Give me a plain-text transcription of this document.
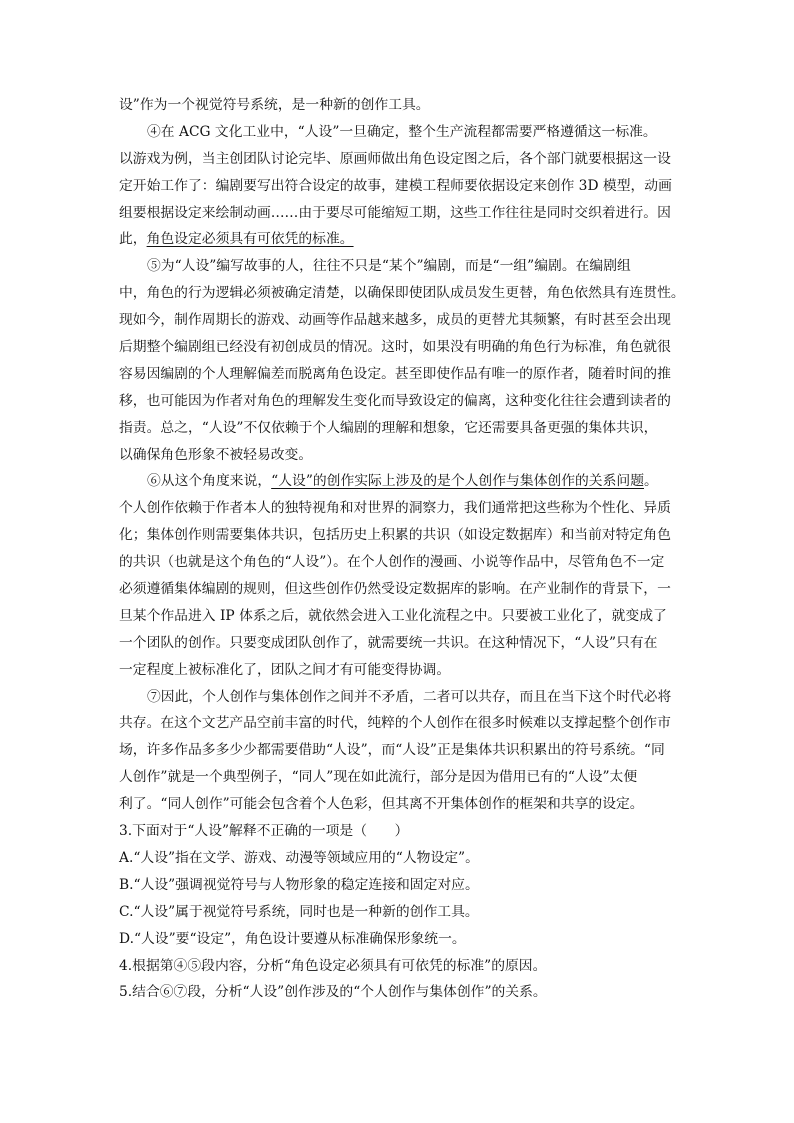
设”作为一个视觉符号系统，是一种新的创作工具。
④在 ACG 文化工业中，“人设”一旦确定，整个生产流程都需要严格遵循这一标准。
以游戏为例，当主创团队讨论完毕、原画师做出角色设定图之后，各个部门就要根据这一设
定开始工作了：编剧要写出符合设定的故事，建模工程师要依据设定来创作 3D 模型，动画
组要根据设定来绘制动画……由于要尽可能缩短工期，这些工作往往是同时交织着进行。因
此，角色设定必须具有可依凭的标准。
⑤为“人设”编写故事的人，往往不只是“某个”编剧，而是“一组”编剧。在编剧组
中，角色的行为逻辑必须被确定清楚，以确保即使团队成员发生更替，角色依然具有连贯性。
现如今，制作周期长的游戏、动画等作品越来越多，成员的更替尤其频繁，有时甚至会出现
后期整个编剧组已经没有初创成员的情况。这时，如果没有明确的角色行为标准，角色就很
容易因编剧的个人理解偏差而脱离角色设定。甚至即使作品有唯一的原作者，随着时间的推
移，也可能因为作者对角色的理解发生变化而导致设定的偏离，这种变化往往会遭到读者的
指责。总之，“人设”不仅依赖于个人编剧的理解和想象，它还需要具备更强的集体共识，
以确保角色形象不被轻易改变。
⑥从这个角度来说，“人设”的创作实际上涉及的是个人创作与集体创作的关系问题。
个人创作依赖于作者本人的独特视角和对世界的洞察力，我们通常把这些称为个性化、异质
化；集体创作则需要集体共识，包括历史上积累的共识（如设定数据库）和当前对特定角色
的共识（也就是这个角色的“人设”）。在个人创作的漫画、小说等作品中，尽管角色不一定
必须遵循集体编剧的规则，但这些创作仍然受设定数据库的影响。在产业制作的背景下，一
旦某个作品进入 IP 体系之后，就依然会进入工业化流程之中。只要被工业化了，就变成了
一个团队的创作。只要变成团队创作了，就需要统一共识。在这种情况下，“人设”只有在
一定程度上被标准化了，团队之间才有可能变得协调。
⑦因此，个人创作与集体创作之间并不矛盾，二者可以共存，而且在当下这个时代必将
共存。在这个文艺产品空前丰富的时代，纯粹的个人创作在很多时候难以支撑起整个创作市
场，许多作品多多少少都需要借助“人设”，而“人设”正是集体共识积累出的符号系统。“同
人创作”就是一个典型例子，“同人”现在如此流行，部分是因为借用已有的“人设”太便
利了。“同人创作”可能会包含着个人色彩，但其离不开集体创作的框架和共享的设定。
3.下面对于“人设”解释不正确的一项是（　　）
A.“人设”指在文学、游戏、动漫等领域应用的“人物设定”。
B.“人设”强调视觉符号与人物形象的稳定连接和固定对应。
C.“人设”属于视觉符号系统，同时也是一种新的创作工具。
D.“人设”要“设定”，角色设计要遵从标准确保形象统一。
4.根据第④⑤段内容，分析“角色设定必须具有可依凭的标准”的原因。
5.结合⑥⑦段，分析“人设”创作涉及的“个人创作与集体创作”的关系。
